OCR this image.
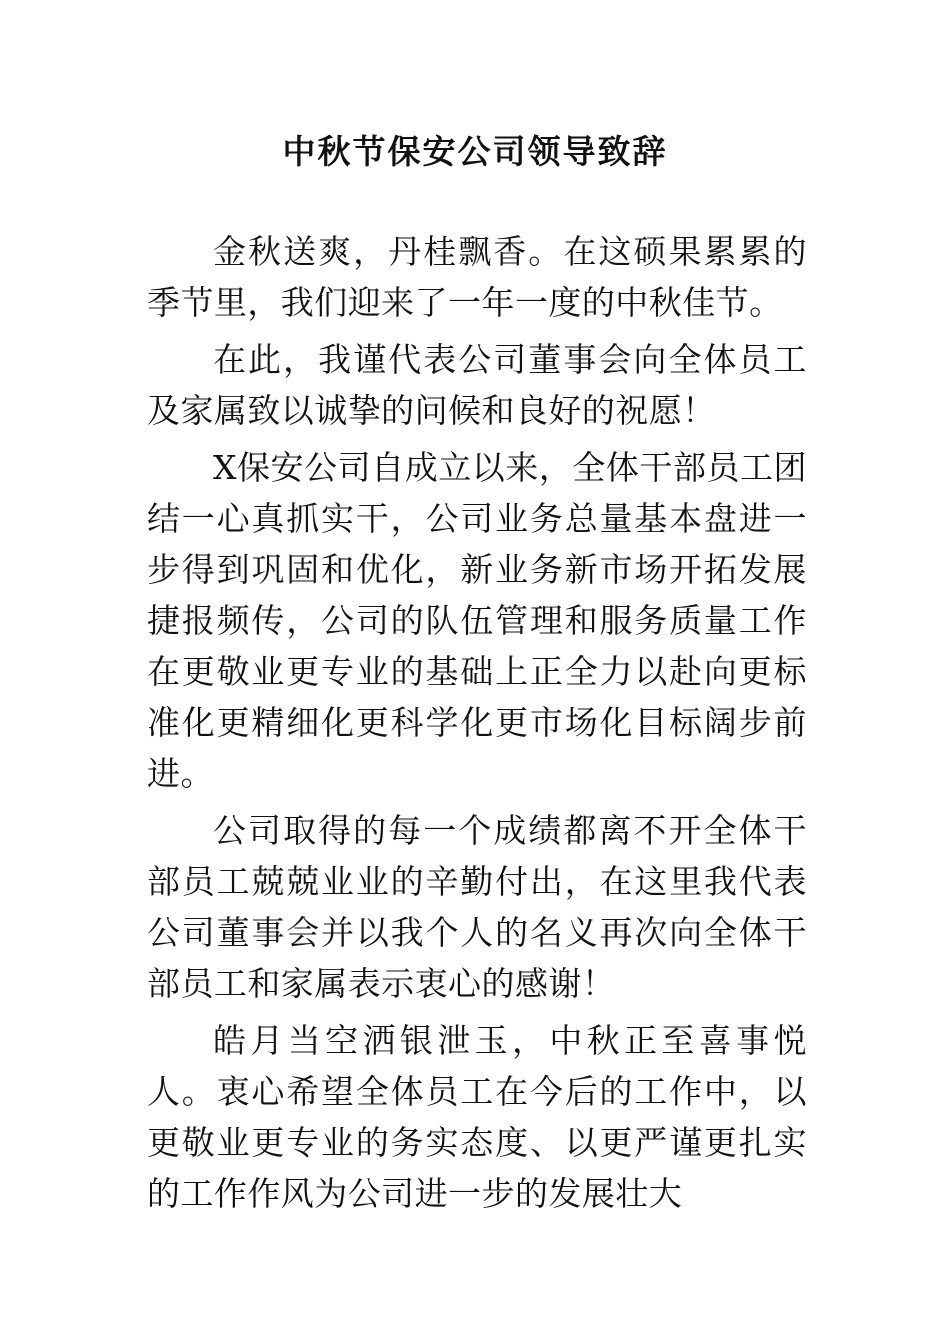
中秋节保安公司领导致辞

金秋送爽，丹桂飘香。在这硕果累累的季节里，我们迎来了一年一度的中秋佳节。

在此，我谨代表公司董事会向全体员工及家属致以诚挚的问候和良好的祝愿！

X保安公司自成立以来，全体干部员工团结一心真抓实干，公司业务总量基本盘进一步得到巩固和优化，新业务新市场开拓发展捷报频传，公司的队伍管理和服务质量工作在更敬业更专业的基础上正全力以赴向更标准化更精细化更科学化更市场化目标阔步前进。

公司取得的每一个成绩都离不开全体干部员工兢兢业业的辛勤付出，在这里我代表公司董事会并以我个人的名义再次向全体干部员工和家属表示衷心的感谢！

皓月当空洒银泄玉，中秋正至喜事悦人。衷心希望全体员工在今后的工作中，以更敬业更专业的务实态度、以更严谨更扎实的工作作风为公司进一步的发展壮大
